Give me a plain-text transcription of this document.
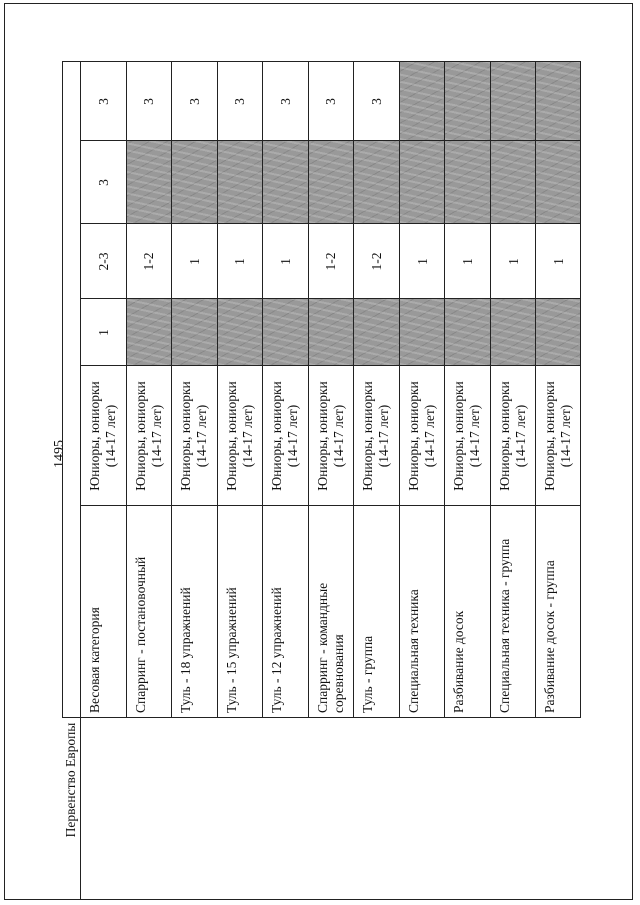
1495
Первенство Европы
3
3
2-3
1
Юниоры, юниорки (14-17 лет)
Весовая категория
3
1-2
Юниоры, юниорки (14-17 лет)
Спарринг - постановочный
3
1
Юниоры, юниорки (14-17 лет)
Туль - 18 упражнений
3
1
Юниоры, юниорки (14-17 лет)
Туль - 15 упражнений
3
1
Юниоры, юниорки (14-17 лет)
Туль - 12 упражнений
3
1-2
Юниоры, юниорки (14-17 лет)
Спарринг - командные соревнования
3
1-2
Юниоры, юниорки (14-17 лет)
Туль - группа
1
Юниоры, юниорки (14-17 лет)
Специальная техника
1
Юниоры, юниорки (14-17 лет)
Разбивание досок
1
Юниоры, юниорки (14-17 лет)
Специальная техника - группа
1
Юниоры, юниорки (14-17 лет)
Разбивание досок - группа
